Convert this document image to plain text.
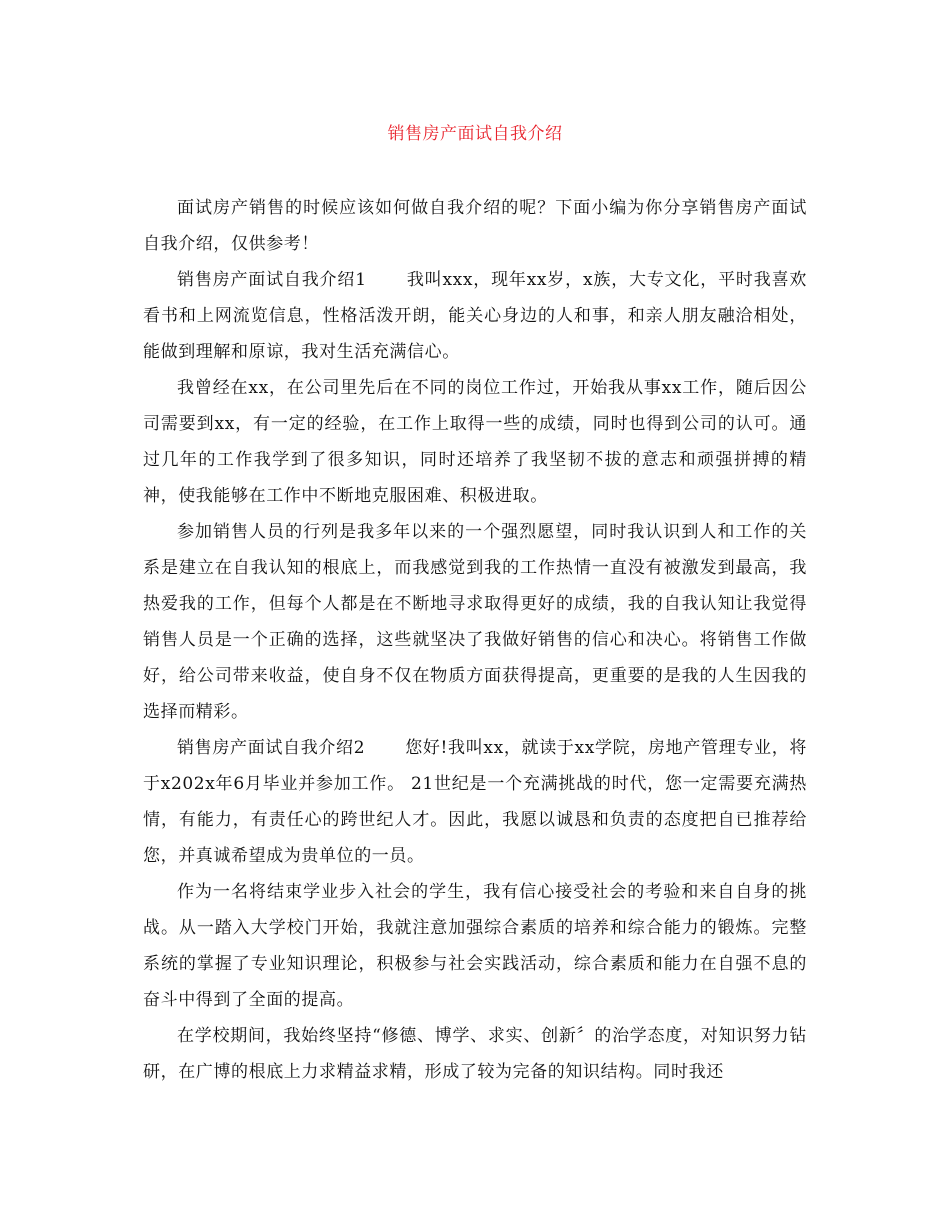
销售房产面试自我介绍

面试房产销售的时候应该如何做自我介绍的呢？下面小编为你分享销售房产面试自我介绍，仅供参考！

销售房产面试自我介绍1 我叫xxx，现年xx岁，x族，大专文化，平时我喜欢看书和上网流览信息，性格活泼开朗，能关心身边的人和事，和亲人朋友融洽相处，能做到理解和原谅，我对生活充满信心。

我曾经在xx，在公司里先后在不同的岗位工作过，开始我从事xx工作，随后因公司需要到xx，有一定的经验，在工作上取得一些的成绩，同时也得到公司的认可。通过几年的工作我学到了很多知识，同时还培养了我坚韧不拔的意志和顽强拼搏的精神，使我能够在工作中不断地克服困难、积极进取。

参加销售人员的行列是我多年以来的一个强烈愿望，同时我认识到人和工作的关系是建立在自我认知的根底上，而我感觉到我的工作热情一直没有被激发到最高，我热爱我的工作，但每个人都是在不断地寻求取得更好的成绩，我的自我认知让我觉得销售人员是一个正确的选择，这些就坚决了我做好销售的信心和决心。将销售工作做好，给公司带来收益，使自身不仅在物质方面获得提高，更重要的是我的人生因我的选择而精彩。

销售房产面试自我介绍2 您好!我叫xx，就读于xx学院，房地产管理专业，将于x202x年6月毕业并参加工作。 21世纪是一个充满挑战的时代，您一定需要充满热情，有能力，有责任心的跨世纪人才。因此，我愿以诚恳和负责的态度把自已推荐给您，并真诚希望成为贵单位的一员。

作为一名将结束学业步入社会的学生，我有信心接受社会的考验和来自自身的挑战。从一踏入大学校门开始，我就注意加强综合素质的培养和综合能力的锻炼。完整系统的掌握了专业知识理论，积极参与社会实践活动，综合素质和能力在自强不息的奋斗中得到了全面的提高。

在学校期间，我始终坚持“修德、博学、求实、创新〞的治学态度，对知识努力钻研，在广博的根底上力求精益求精，形成了较为完备的知识结构。同时我还
